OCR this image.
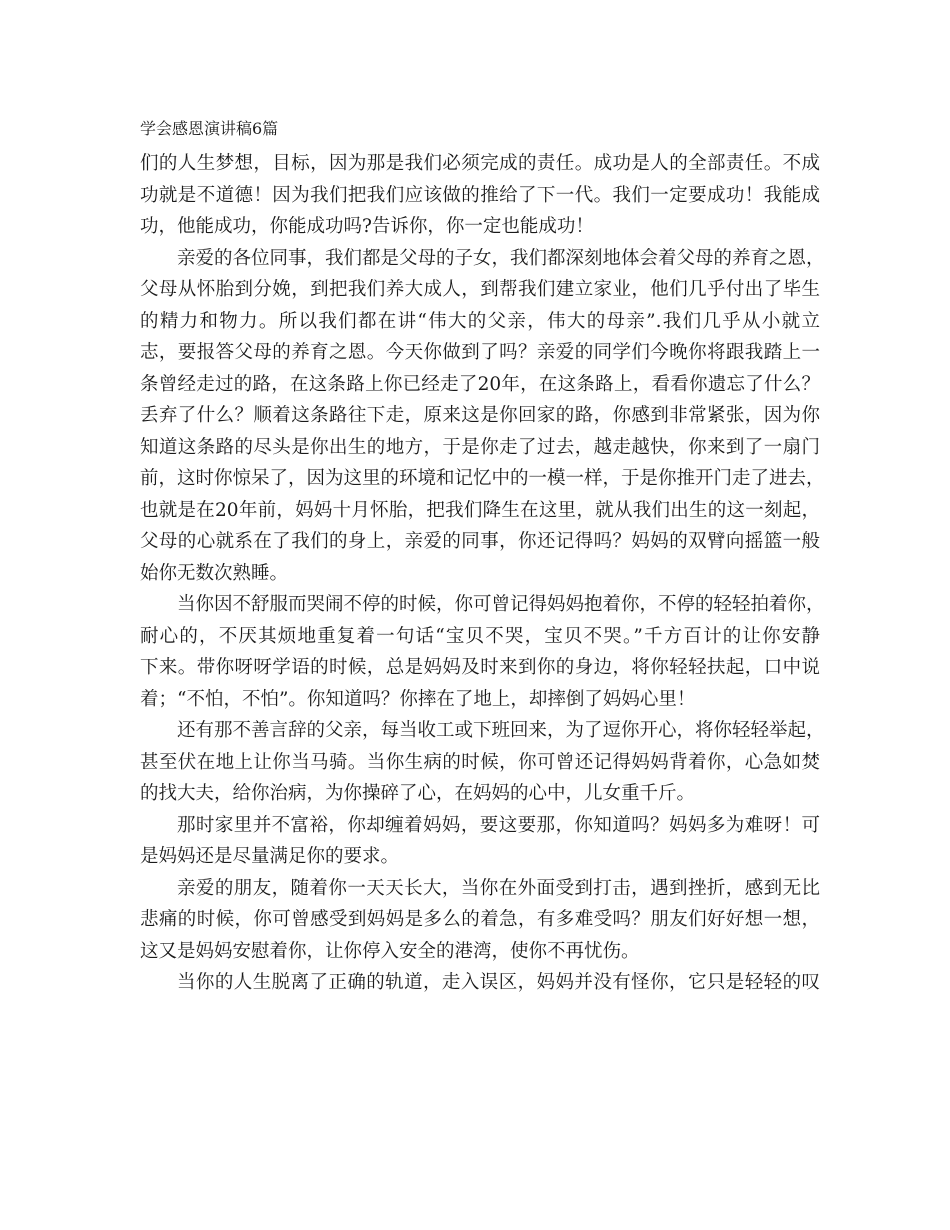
学会感恩演讲稿6篇
们的人生梦想，目标，因为那是我们必须完成的责任。成功是人的全部责任。不成
功就是不道德！因为我们把我们应该做的推给了下一代。我们一定要成功！我能成
功，他能成功，你能成功吗?告诉你，你一定也能成功！
亲爱的各位同事，我们都是父母的子女，我们都深刻地体会着父母的养育之恩，
父母从怀胎到分娩，到把我们养大成人，到帮我们建立家业，他们几乎付出了毕生
的精力和物力。所以我们都在讲“伟大的父亲，伟大的母亲”.我们几乎从小就立
志，要报答父母的养育之恩。今天你做到了吗？亲爱的同学们今晚你将跟我踏上一
条曾经走过的路，在这条路上你已经走了20年，在这条路上，看看你遗忘了什么？
丢弃了什么？顺着这条路往下走，原来这是你回家的路，你感到非常紧张，因为你
知道这条路的尽头是你出生的地方，于是你走了过去，越走越快，你来到了一扇门
前，这时你惊呆了，因为这里的环境和记忆中的一模一样，于是你推开门走了进去，
也就是在20年前，妈妈十月怀胎，把我们降生在这里，就从我们出生的这一刻起，
父母的心就系在了我们的身上，亲爱的同事，你还记得吗？妈妈的双臂向摇篮一般
始你无数次熟睡。
当你因不舒服而哭闹不停的时候，你可曾记得妈妈抱着你，不停的轻轻拍着你，
耐心的，不厌其烦地重复着一句话“宝贝不哭，宝贝不哭。”千方百计的让你安静
下来。带你呀呀学语的时候，总是妈妈及时来到你的身边，将你轻轻扶起，口中说
着；“不怕，不怕”。你知道吗？你摔在了地上，却摔倒了妈妈心里！
还有那不善言辞的父亲，每当收工或下班回来，为了逗你开心，将你轻轻举起，
甚至伏在地上让你当马骑。当你生病的时候，你可曾还记得妈妈背着你，心急如焚
的找大夫，给你治病，为你操碎了心，在妈妈的心中，儿女重千斤。
那时家里并不富裕，你却缠着妈妈，要这要那，你知道吗？妈妈多为难呀！可
是妈妈还是尽量满足你的要求。
亲爱的朋友，随着你一天天长大，当你在外面受到打击，遇到挫折，感到无比
悲痛的时候，你可曾感受到妈妈是多么的着急，有多难受吗？朋友们好好想一想，
这又是妈妈安慰着你，让你停入安全的港湾，使你不再忧伤。
当你的人生脱离了正确的轨道，走入误区，妈妈并没有怪你，它只是轻轻的叹
